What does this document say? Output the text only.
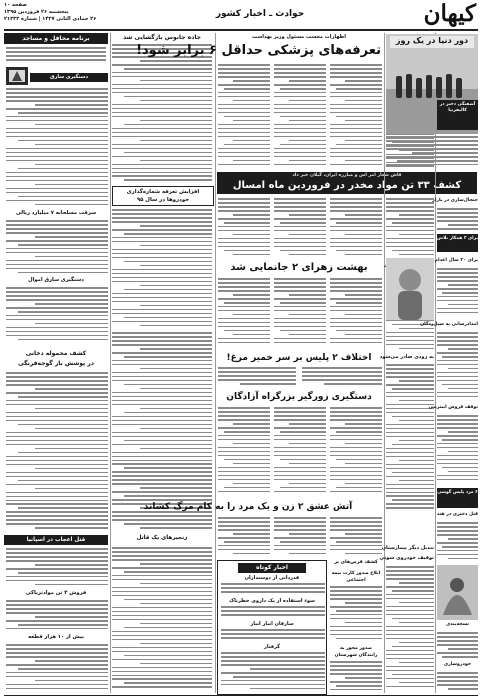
کیهان
حوادث ـ اخبار کشور
صفحه ۱۰
پنجشنبه ۲۶ فروردین ۱۳۹۵
۲۶ جمادی الثانی ۱۴۳۷ | شماره ۲۱۳۳۳
برنامه محافل و مساجد	جاده جانوس بازگشایی شد
دستگیری سارق
سرقت مسلحانه ۷ میلیارد ریالی
دستگیری سارق اموال
افزایش تعرفه شماره‌گذاری خودروها در سال ۹۵
کشف محموله دخانی
در پوشش بار گوجه‌فرنگی
قتل اعجاب در اسپانیا
فروش ۴ تن موادتریاکی
بیش از ۱۰ هزار قطعه
زنجیرهای یک قاتل
اظهارات محسب مسئول وزیر بهداشت
تعرفه‌های پزشکی حداقل ۶ برابر شود!
فاش شعار امر اس و مبارزه ایران، گیلان خبر داد
کشف ۳۳ تن مواد مخدر در فروردین ماه امسال
بهشت زهرای ۲ جانمایی شد
اختلاف ۲ پلیس بر سر خمیر مرغ!
دستگیری زورگیر بزرگراه آزادگان
آتش عشق ۲ زن و یک مرد را به کام مرگ کشاند
اخبار کوتاه
قدردانی از دوستداران
سوء استفاده از یک داروی خطرناک
سارقان انبار انبار
گرفتار
کشف قرص‌های پر
ابلاغ صدور کارت بیمه اجتماعی
صدور مجوز به رانندگان شهرستان
به زودی صادر می‌شود
تندیل دیگر بیمارستان
توقیف خودروی شوتی
دور دنیا در یک روز
آشفتگی دختر در کالیفرنیا
جنجال‌سازی در بازار
برای ۲ همکار تلاش
برای ۲۰ سال اعدام
امدادرسانی به سیل‌زدگان
توقف فروش اینترنتی
۶ مرد پلیس گوشی
قتل دختری در هند
نسخه‌بندی
خودروسازی
